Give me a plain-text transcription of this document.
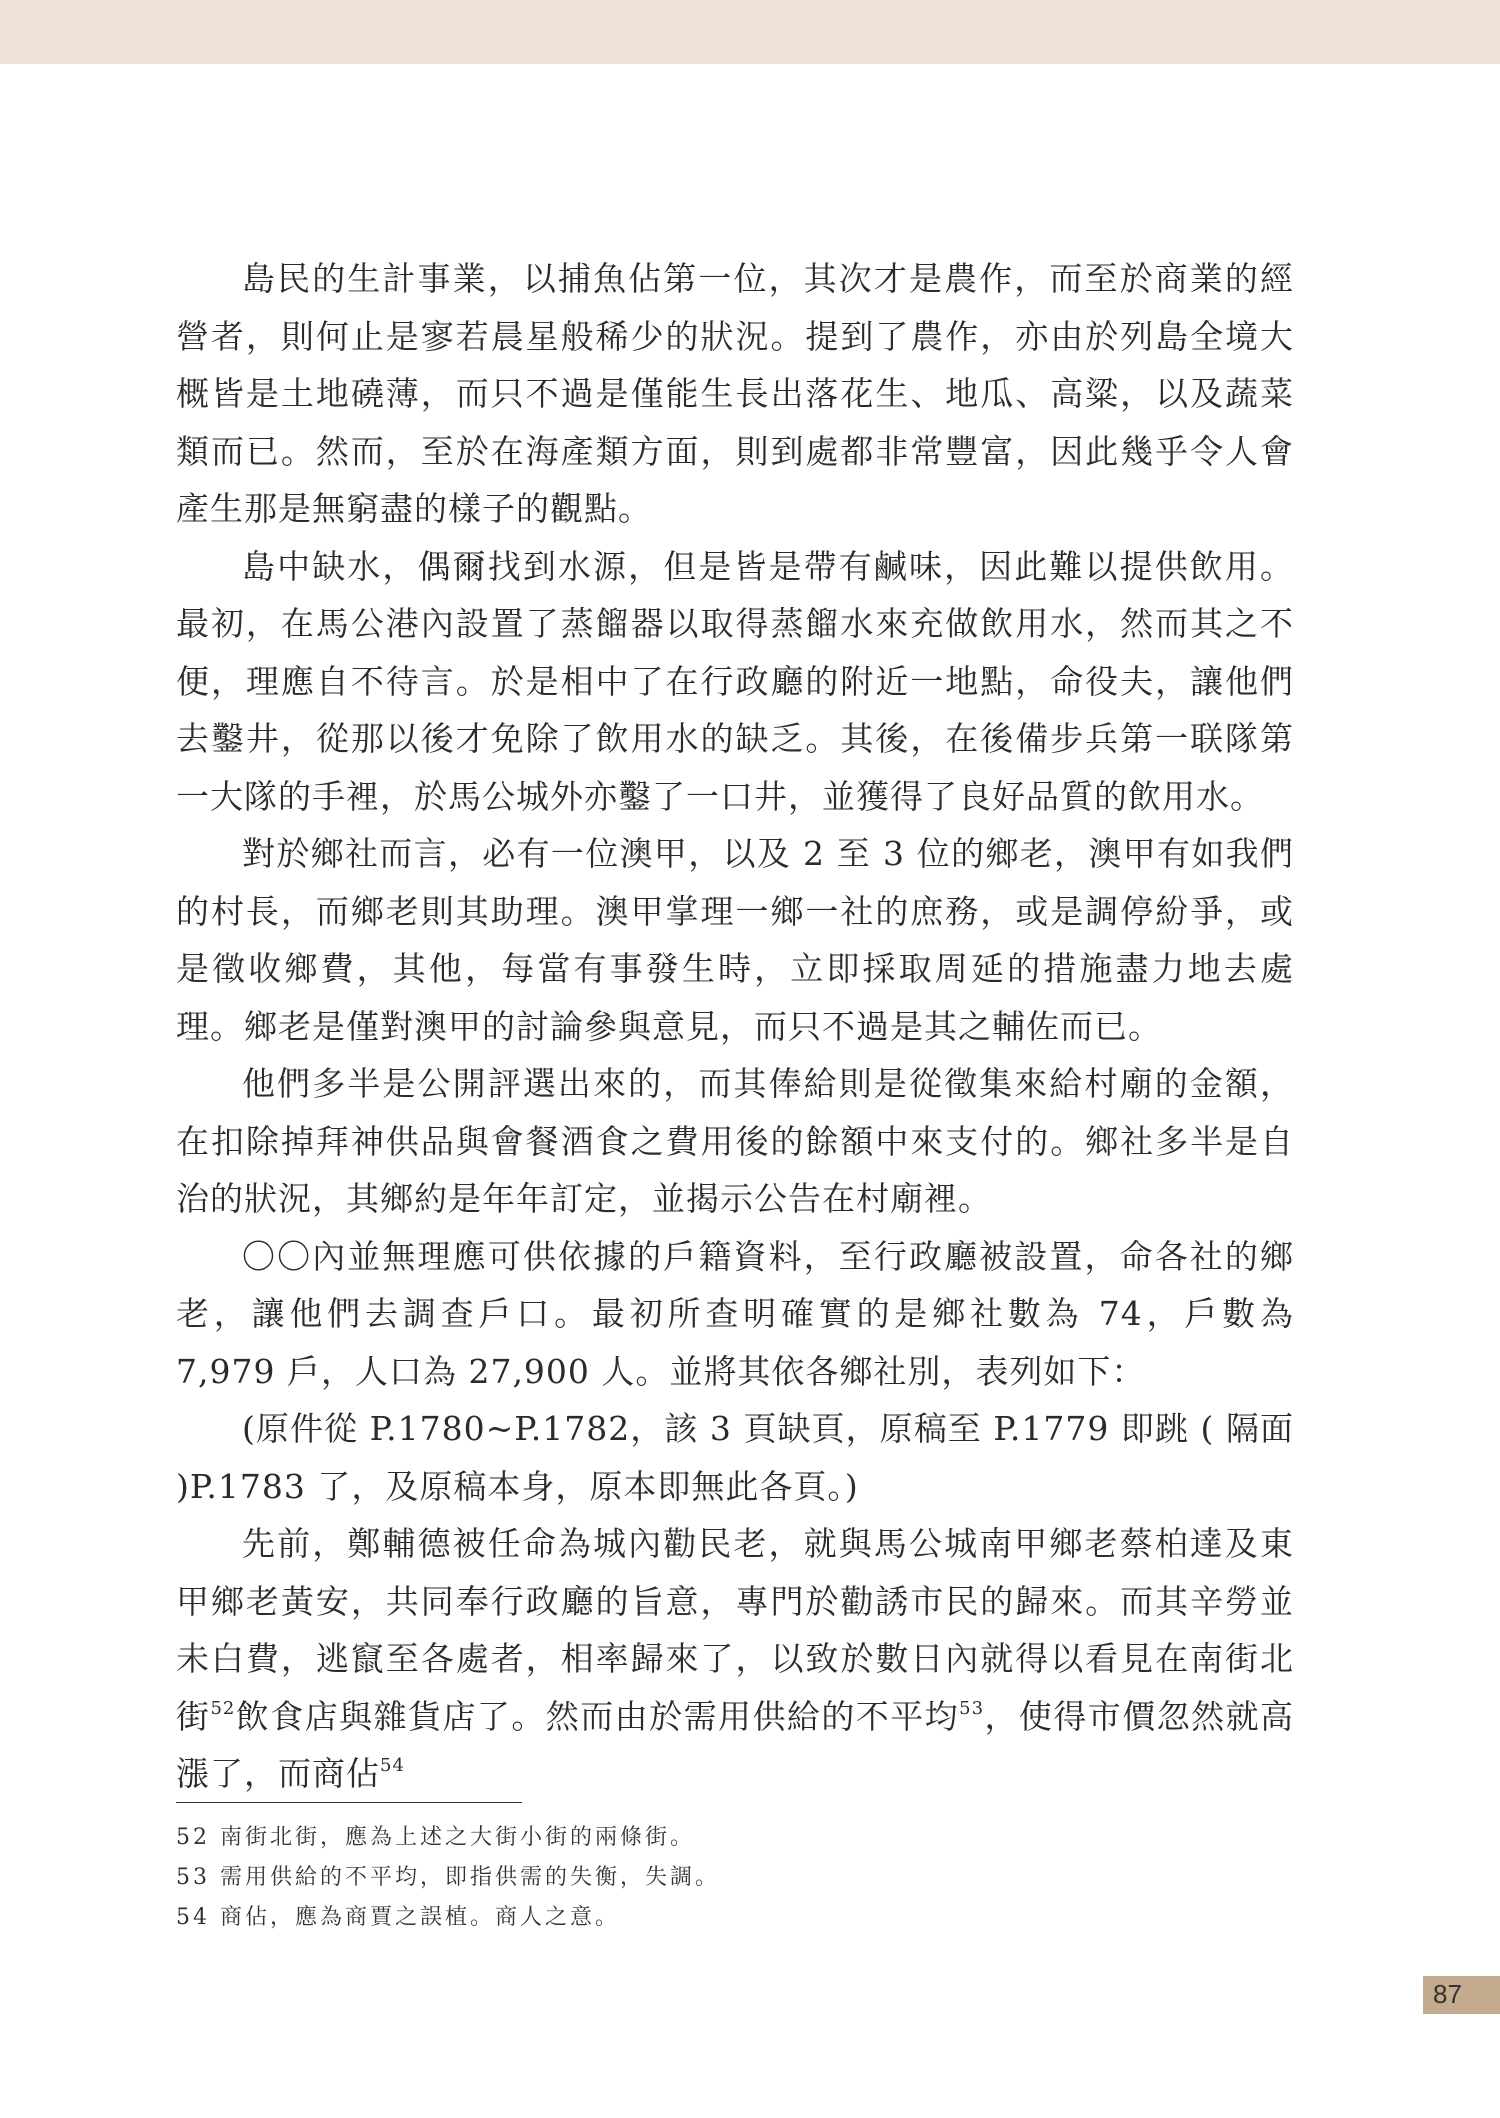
島民的生計事業，以捕魚佔第一位，其次才是農作，而至於商業的經營者，則何止是寥若晨星般稀少的狀況。提到了農作，亦由於列島全境大概皆是土地磽薄，而只不過是僅能生長出落花生、地瓜、高粱，以及蔬菜類而已。然而，至於在海產類方面，則到處都非常豐富，因此幾乎令人會產生那是無窮盡的樣子的觀點。

島中缺水，偶爾找到水源，但是皆是帶有鹹味，因此難以提供飲用。最初，在馬公港內設置了蒸餾器以取得蒸餾水來充做飲用水，然而其之不便，理應自不待言。於是相中了在行政廳的附近一地點，命役夫，讓他們去鑿井，從那以後才免除了飲用水的缺乏。其後，在後備步兵第一联隊第一大隊的手裡，於馬公城外亦鑿了一口井，並獲得了良好品質的飲用水。

對於鄉社而言，必有一位澳甲，以及 2 至 3 位的鄉老，澳甲有如我們的村長，而鄉老則其助理。澳甲掌理一鄉一社的庶務，或是調停紛爭，或是徵收鄉費，其他，每當有事發生時，立即採取周延的措施盡力地去處理。鄉老是僅對澳甲的討論參與意見，而只不過是其之輔佐而已。

他們多半是公開評選出來的，而其俸給則是從徵集來給村廟的金額，在扣除掉拜神供品與會餐酒食之費用後的餘額中來支付的。鄉社多半是自治的狀況，其鄉約是年年訂定，並揭示公告在村廟裡。

〇〇內並無理應可供依據的戶籍資料，至行政廳被設置，命各社的鄉老，讓他們去調查戶口。最初所查明確實的是鄉社數為 74，戶數為 7,979 戶，人口為 27,900 人。並將其依各鄉社別，表列如下：

(原件從 P.1780~P.1782，該 3 頁缺頁，原稿至 P.1779 即跳 ( 隔面 )P.1783 了，及原稿本身，原本即無此各頁。)

先前，鄭輔德被任命為城內勸民老，就與馬公城南甲鄉老蔡柏達及東甲鄉老黃安，共同奉行政廳的旨意，專門於勸誘市民的歸來。而其辛勞並未白費，逃竄至各處者，相率歸來了，以致於數日內就得以看見在南街北街$^{52}$飲食店與雜貨店了。然而由於需用供給的不平均$^{53}$，使得市價忽然就高漲了，而商佔$^{54}$

52 南街北街，應為上述之大街小街的兩條街。
53 需用供給的不平均，即指供需的失衡，失調。
54 商佔，應為商賈之誤植。商人之意。
87
